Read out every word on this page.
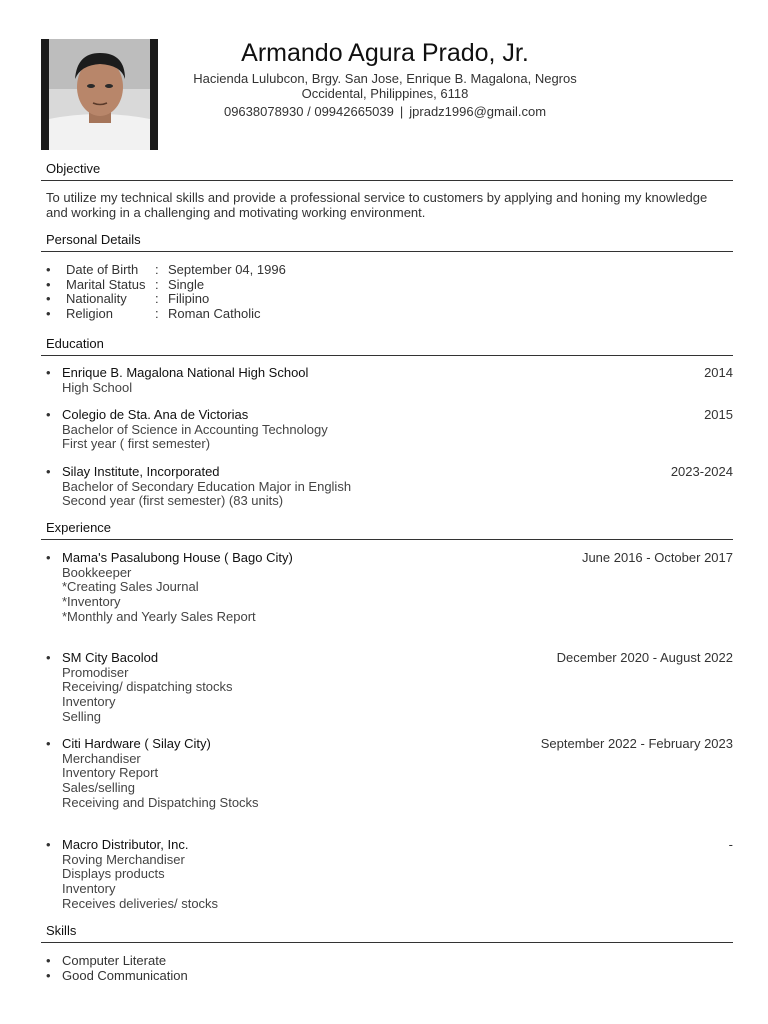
Armando Agura Prado, Jr.
Hacienda Lulubcon, Brgy. San Jose, Enrique B. Magalona, Negros Occidental, Philippines, 6118
09638078930 / 09942665039 | jpradz1996@gmail.com
Objective
To utilize my technical skills and provide a professional service to customers by applying and honing my knowledge and working in a challenging and motivating working environment.
Personal Details
• Date of Birth : September 04, 1996
• Marital Status : Single
• Nationality : Filipino
• Religion	: Roman Catholic
Education
• Enrique B. Magalona National High School	2014
High School
• Colegio de Sta. Ana de Victorias	2015
Bachelor of Science in Accounting Technology
First year ( first semester)
• Silay Institute, Incorporated	2023-2024
Bachelor of Secondary Education Major in English
Second year (first semester) (83 units)
Experience
• Mama's Pasalubong House ( Bago City)	June 2016 - October 2017
Bookkeeper
*Creating Sales Journal
*Inventory
*Monthly and Yearly Sales Report
• SM City Bacolod	December 2020 - August 2022
Promodiser
Receiving/ dispatching stocks
Inventory
Selling
• Citi Hardware ( Silay City)	September 2022 - February 2023
Merchandiser
Inventory Report
Sales/selling
Receiving and Dispatching Stocks
• Macro Distributor, Inc.	-
Roving Merchandiser
Displays products
Inventory
Receives deliveries/ stocks
Skills
• Computer Literate
• Good Communication
